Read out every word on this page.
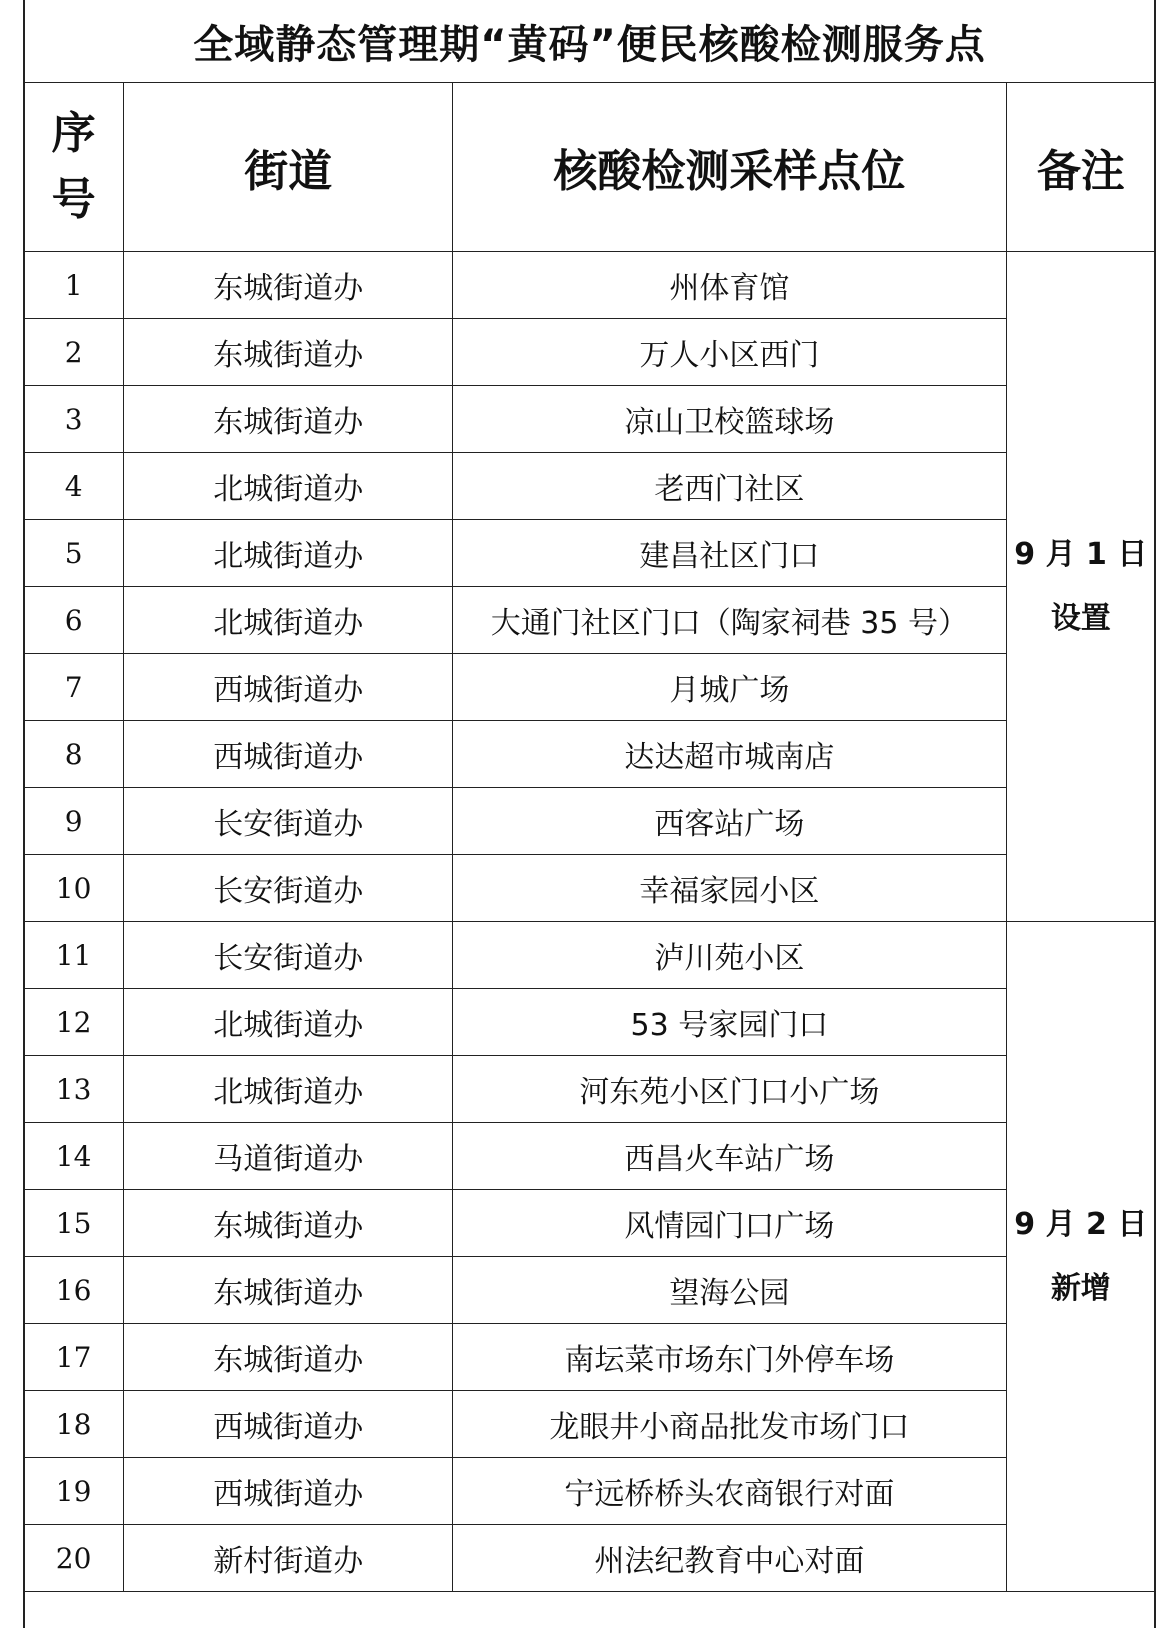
全域静态管理期“黄码”便民核酸检测服务点			

序
号	街道	核酸检测采样点位	备注
1	东城街道办	州体育馆	9 月 1 日
设置

2	东城街道办	万人小区西门	
3	东城街道办	凉山卫校篮球场	
4	北城街道办	老西门社区	
5	北城街道办	建昌社区门口	
6	北城街道办	大通门社区门口（陶家祠巷 35 号）	
7	西城街道办	月城广场	
8	西城街道办	达达超市城南店	
9	长安街道办	西客站广场	
10	长安街道办	幸福家园小区	
11	长安街道办	泸川苑小区	9 月 2 日
新增

12	北城街道办	53 号家园门口	
13	北城街道办	河东苑小区门口小广场	
14	马道街道办	西昌火车站广场	
15	东城街道办	风情园门口广场	
16	东城街道办	望海公园	
17	东城街道办	南坛菜市场东门外停车场	
18	西城街道办	龙眼井小商品批发市场门口	
19	西城街道办	宁远桥桥头农商银行对面	
20	新村街道办	州法纪教育中心对面	
